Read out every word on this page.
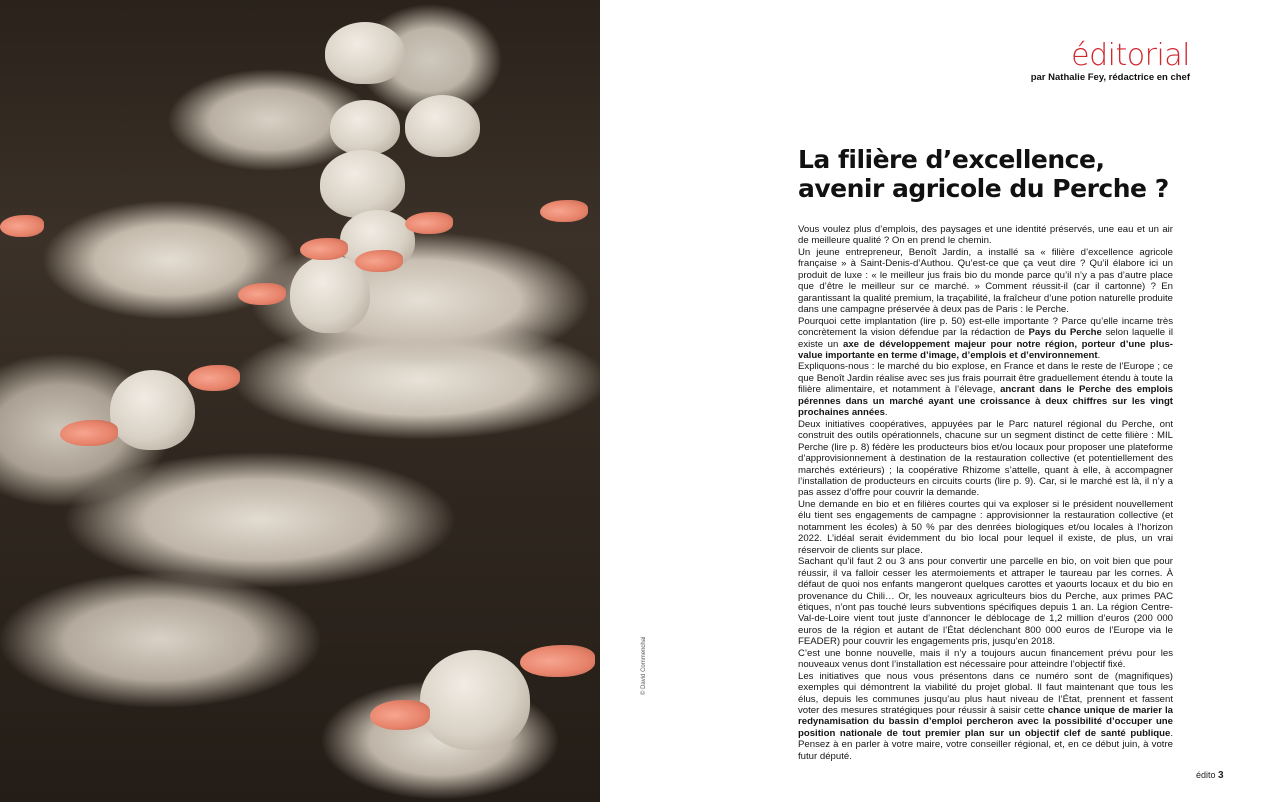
© David Commenchal
éditorial
par Nathalie Fey, rédactrice en chef
La filière d’excellence,
avenir agricole du Perche ?

Vous voulez plus d’emplois, des paysages et une identité préservés, une eau et un air de meilleure qualité ? On en prend le chemin.

Un jeune entrepreneur, Benoît Jardin, a installé sa « filière d’excellence agricole française » à Saint-Denis-d’Authou. Qu’est-ce que ça veut dire ? Qu’il élabore ici un produit de luxe : « le meilleur jus frais bio du monde parce qu’il n’y a pas d’autre place que d’être le meilleur sur ce marché. » Comment réussit-il (car il cartonne) ? En garantissant la qualité premium, la traçabilité, la fraîcheur d’une potion naturelle produite dans une campagne préservée à deux pas de Paris : le Perche.

Pourquoi cette implantation (lire p. 50) est-elle importante ? Parce qu’elle incarne très concrètement la vision défendue par la rédaction de Pays du Perche selon laquelle il existe un axe de développement majeur pour notre région, porteur d’une plus-value importante en terme d’image, d’emplois et d’environnement.

Expliquons-nous : le marché du bio explose, en France et dans le reste de l’Europe ; ce que Benoît Jardin réalise avec ses jus frais pourrait être graduellement étendu à toute la filière alimentaire, et notamment à l’élevage, ancrant dans le Perche des emplois pérennes dans un marché ayant une croissance à deux chiffres sur les vingt prochaines années.

Deux initiatives coopératives, appuyées par le Parc naturel régional du Perche, ont construit des outils opérationnels, chacune sur un segment distinct de cette filière : MIL Perche (lire p. 8) fédère les producteurs bios et/ou locaux pour proposer une plateforme d’approvisionnement à destination de la restauration collective (et potentiellement des marchés extérieurs) ; la coopérative Rhizome s’attelle, quant à elle, à accompagner l’installation de producteurs en circuits courts (lire p. 9). Car, si le marché est là, il n’y a pas assez d’offre pour couvrir la demande.

Une demande en bio et en filières courtes qui va exploser si le président nouvellement élu tient ses engagements de campagne : approvisionner la restauration collective (et notamment les écoles) à 50 % par des denrées biologiques et/ou locales à l’horizon 2022. L’idéal serait évidemment du bio local pour lequel il existe, de plus, un vrai réservoir de clients sur place.

Sachant qu’il faut 2 ou 3 ans pour convertir une parcelle en bio, on voit bien que pour réussir, il va falloir cesser les atermoiements et attraper le taureau par les cornes. À défaut de quoi nos enfants mangeront quelques carottes et yaourts locaux et du bio en provenance du Chili… Or, les nouveaux agriculteurs bios du Perche, aux primes PAC étiques, n’ont pas touché leurs subventions spécifiques depuis 1 an. La région Centre-Val-de-Loire vient tout juste d’annoncer le déblocage de 1,2 million d’euros (200 000 euros de la région et autant de l’État déclenchant 800 000 euros de l’Europe via le FEADER) pour couvrir les engagements pris, jusqu’en 2018.

C’est une bonne nouvelle, mais il n’y a toujours aucun financement prévu pour les nouveaux venus dont l’installation est nécessaire pour atteindre l’objectif fixé.

Les initiatives que nous vous présentons dans ce numéro sont de (magnifiques) exemples qui démontrent la viabilité du projet global. Il faut maintenant que tous les élus, depuis les communes jusqu’au plus haut niveau de l’État, prennent et fassent voter des mesures stratégiques pour réussir à saisir cette chance unique de marier la redynamisation du bassin d’emploi percheron avec la possibilité d’occuper une position nationale de tout premier plan sur un objectif clef de santé publique. Pensez à en parler à votre maire, votre conseiller régional, et, en ce début juin, à votre futur député.

édito 3
